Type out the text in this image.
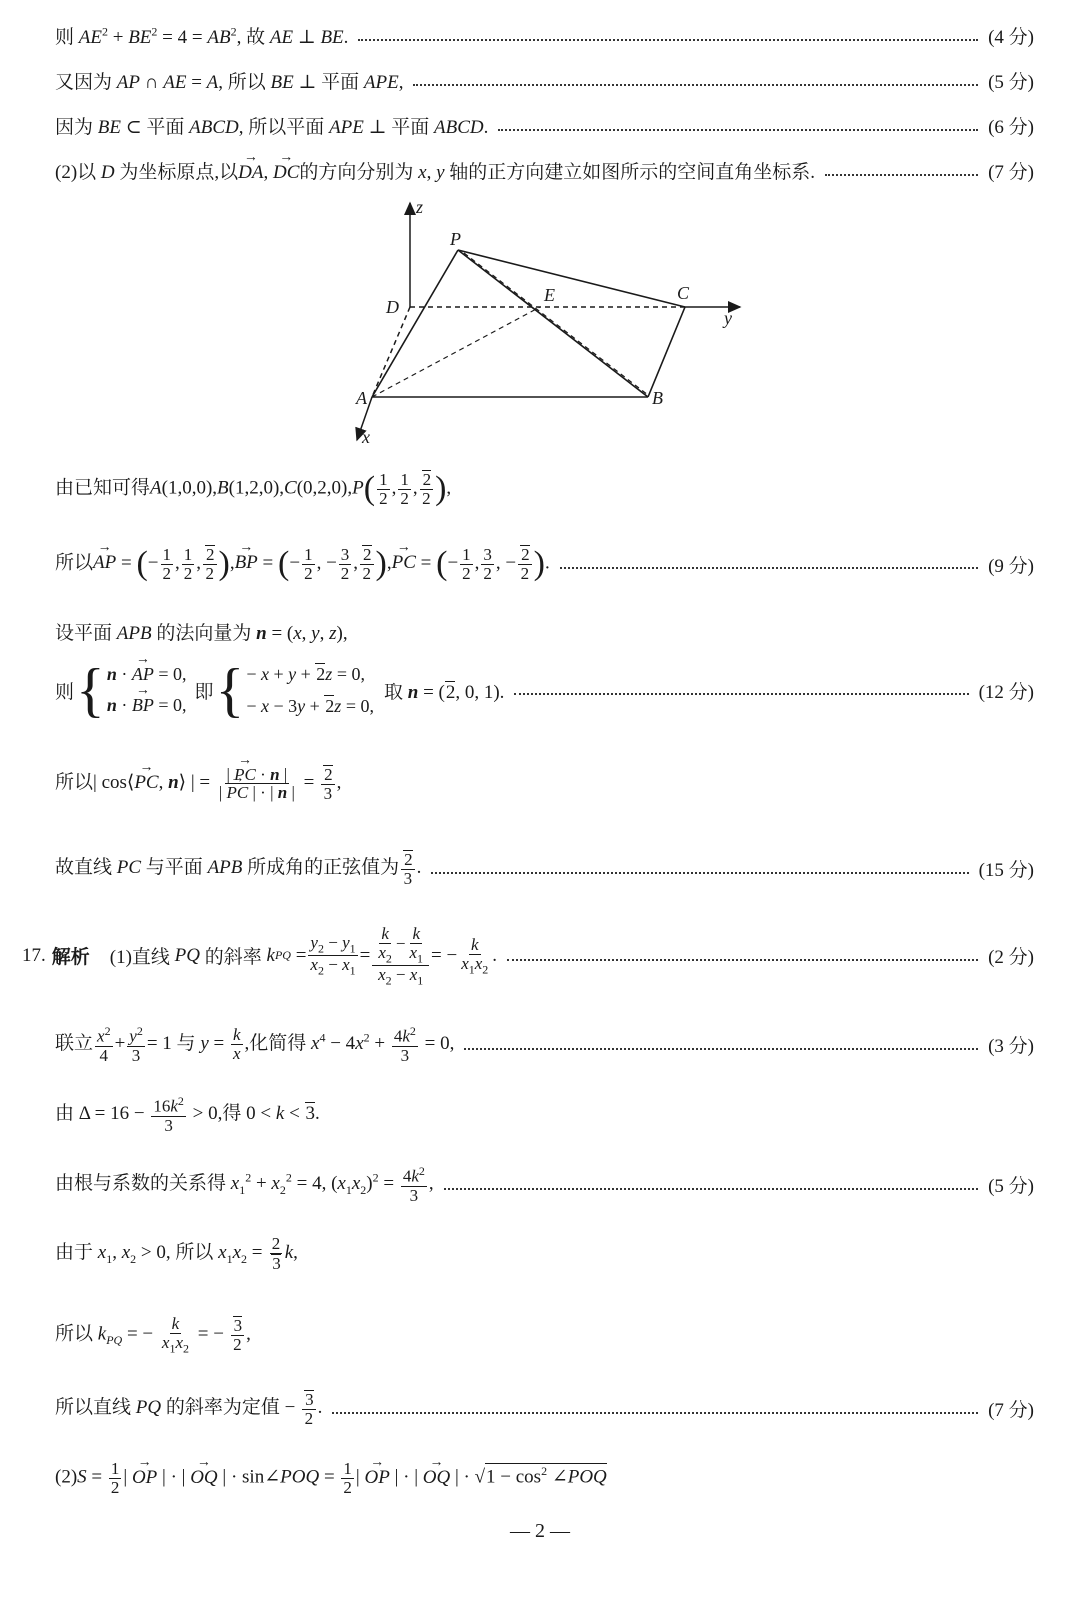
则 $AE^2 + BE^2 = 4 = AB^2$, 故 AE ⊥ BE.	(4 分)
又因为 AP ∩ AE = A, 所以 BE ⊥ 平面 APE,	(5 分)
因为 BE ⊂ 平面 ABCD, 所以平面 APE ⊥ 平面 ABCD.	(6 分)
(2)以 D 为坐标原点,以→ DA, → DC的方向分别为 x, y 轴的正方向建立如图所示的空间直角坐标系.	(7 分)
z
P
D
E	C
y
A	B
x
由已知可得$A(1,0,0),B(1,2,0),C(0,2,0),P( \frac{1}{2}$ , $\frac{1}{2}$ , $\frac{2}{2}$ ),
所以→ AP = (− $\frac{1}{2}$ , $\frac{1}{2}$ , $\frac{2}{2}$ ),→ BP = (− $\frac{1}{2}$ , − $\frac{3}{2}$ , $\frac{2}{2}$ ),→ PC = (− $\frac{1}{2}$ , $\frac{3}{2}$ , − $\frac{2}{2}$ ).	(9 分)
设平面 APB 的法向量为 n = (x, y, z),
则 { n · → AP = 0,
n · → BP = 0,
即 { − x + y + 2z = 0,
− x − 3y + 2z = 0,
取 n = (2, 0, 1).	(12 分)
所以| cos⟨→ PC, n⟩ | = $\frac{| \to PC \cdot n |}{| \to PC | \cdot | n |} = \frac{2}{3}$ ,
故直线 PC 与平面 APB 所成角的正弦值为 $\frac{2}{3}$ .	(15 分)
17. 解析 (1)直线
PQ
的斜率
k PQ = $\frac{y_2 - y_1}{x_2 - x_1} = \frac{\frac{k}{x_2} - \frac{k}{x_1}}{x_2 - x_1}$ = − $\frac{k}{x_1x_2}$ .	(2 分)
联立 $\frac{x^2}{4} + \frac{y^2}{3} = 1$ 与 $y = \frac{k}{x}$ ,化简得 $x^4 - 4x^2 + \frac{4k^2}{3} = 0$,	(3 分)
由 $\Delta = 16 - \frac{16k^2}{3} > 0$,得 0 < k < 3.
由根与系数的关系得 $x_1^2 + x_2^2 = 4$, $(x_1x_2)^2 = \frac{4k^2}{3}$ ,	(5 分)
由于 $x_1$, $x_2 > 0$, 所以 $x_1x_2 = \frac{2}{3} k$,
所以 $k_{PQ}$ = − $\frac{k}{x_1x_2}$ = − $\frac{3}{2}$ ,
所以直线 PQ 的斜率为定值 − $\frac{3}{2}$ .	(7 分)
$(2)S = \frac{1}{2}$ | → OP | · | → OQ | · sin∠POQ = $\frac{1}{2}$ | → OP | · | → OQ | · $√1 - \cos^2$ ∠POQ
— 2 —
